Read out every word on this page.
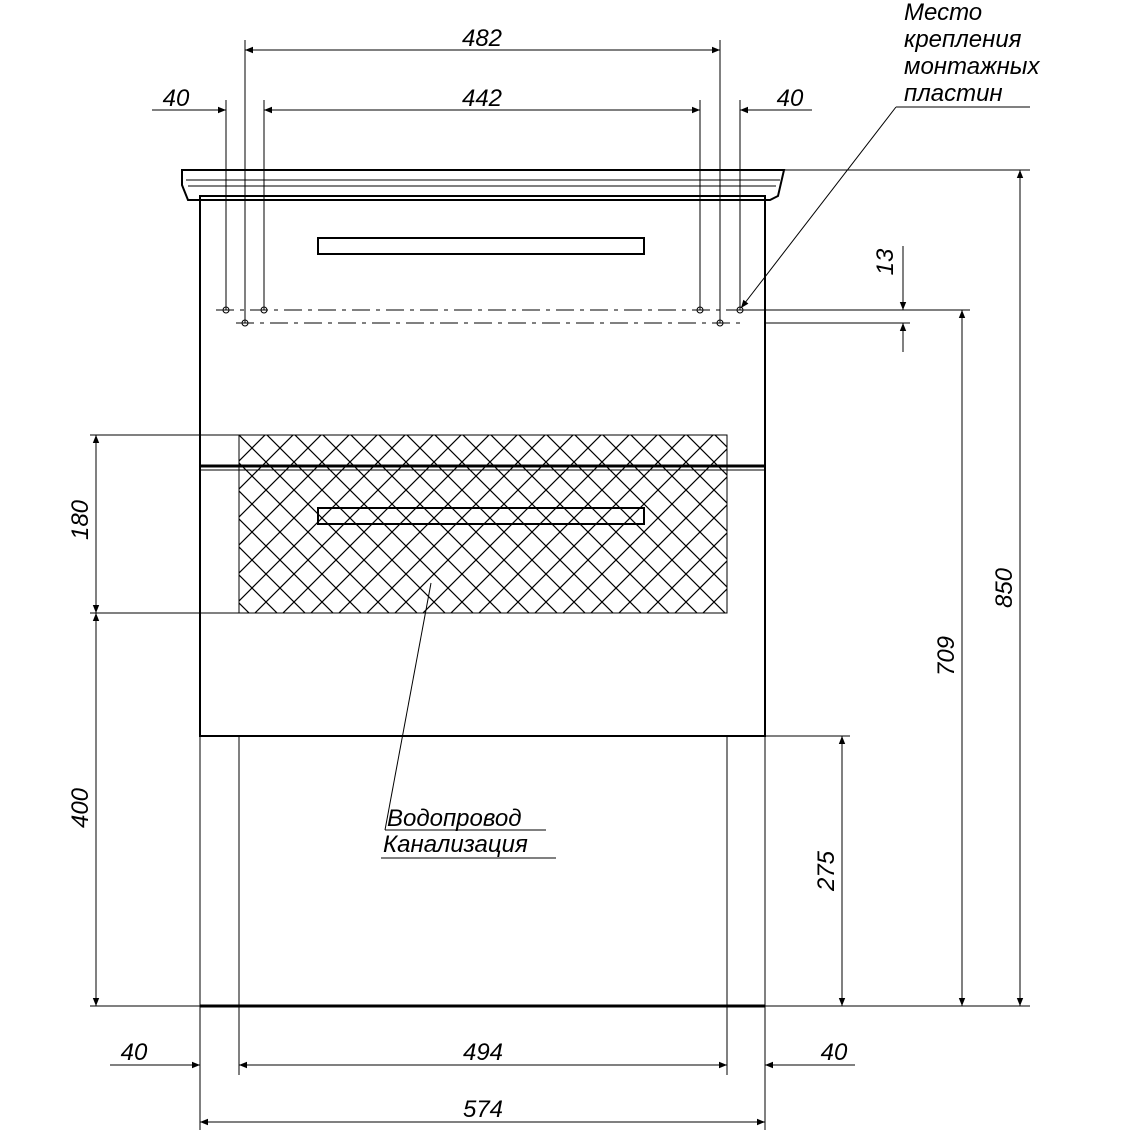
482
442
40	40
Место
крепления
монтажных
пластин
13
850
709
275
180
400	Водопровод
Канализация
40	494	40
574
